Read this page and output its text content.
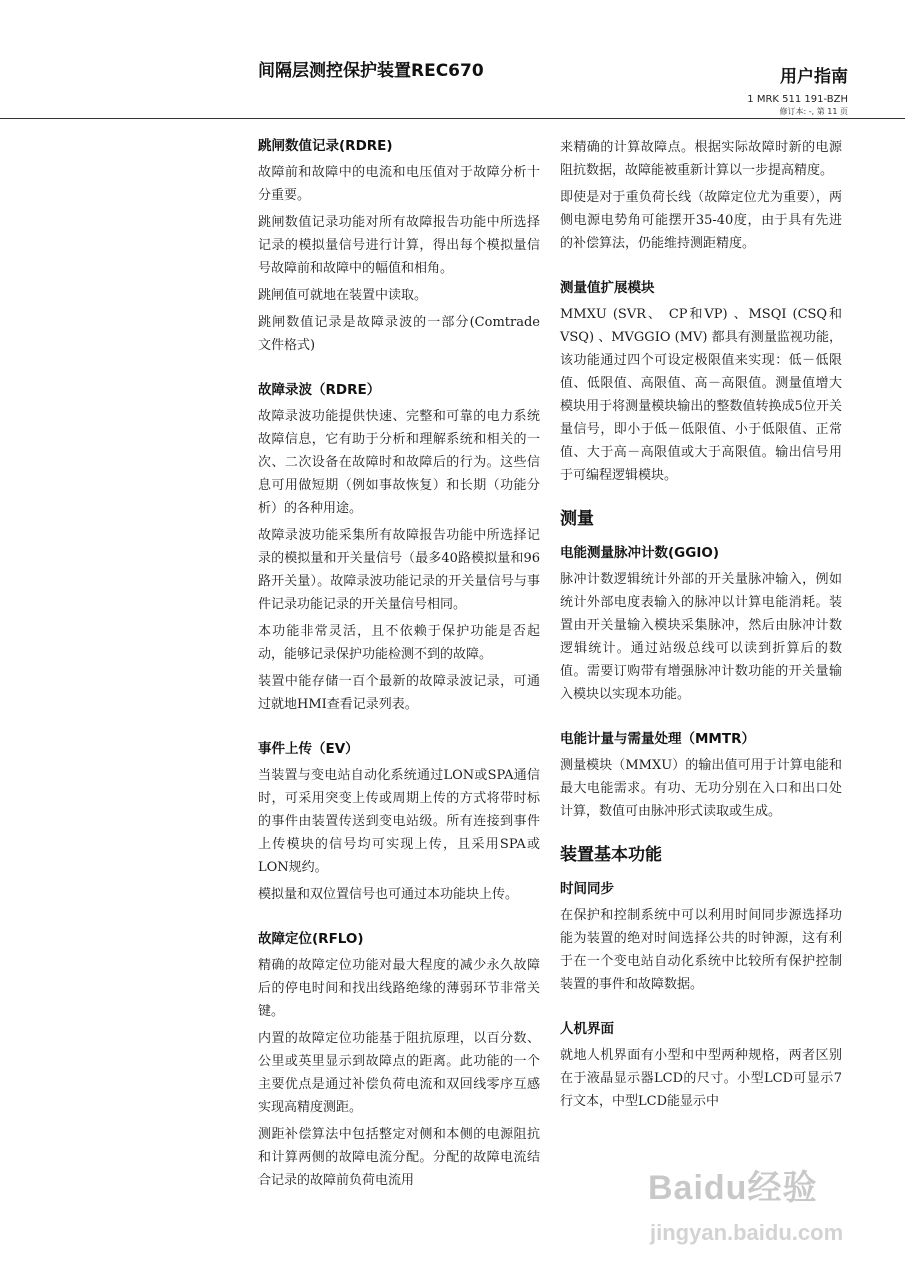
间隔层测控保护装置REC670	用户指南
1 MRK 511 191-BZH
修订本: -, 第 11 页
跳闸数值记录(RDRE)

故障前和故障中的电流和电压值对于故障分析十分重要。

跳闸数值记录功能对所有故障报告功能中所选择记录的模拟量信号进行计算，得出每个模拟量信号故障前和故障中的幅值和相角。

跳闸值可就地在装置中读取。

跳闸数值记录是故障录波的一部分(Comtrade 文件格式)

故障录波（RDRE）

故障录波功能提供快速、完整和可靠的电力系统故障信息，它有助于分析和理解系统和相关的一次、二次设备在故障时和故障后的行为。这些信息可用做短期（例如事故恢复）和长期（功能分析）的各种用途。

故障录波功能采集所有故障报告功能中所选择记录的模拟量和开关量信号（最多40路模拟量和96路开关量）。故障录波功能记录的开关量信号与事件记录功能记录的开关量信号相同。

本功能非常灵活，且不依赖于保护功能是否起动，能够记录保护功能检测不到的故障。

装置中能存储一百个最新的故障录波记录，可通过就地HMI查看记录列表。

事件上传（EV）

当装置与变电站自动化系统通过LON或SPA通信时，可采用突变上传或周期上传的方式将带时标的事件由装置传送到变电站级。所有连接到事件上传模块的信号均可实现上传，且采用SPA或LON规约。

模拟量和双位置信号也可通过本功能块上传。

故障定位(RFLO)

精确的故障定位功能对最大程度的减少永久故障后的停电时间和找出线路绝缘的薄弱环节非常关键。

内置的故障定位功能基于阻抗原理，以百分数、公里或英里显示到故障点的距离。此功能的一个主要优点是通过补偿负荷电流和双回线零序互感实现高精度测距。

测距补偿算法中包括整定对侧和本侧的电源阻抗和计算两侧的故障电流分配。分配的故障电流结合记录的故障前负荷电流用

来精确的计算故障点。根据实际故障时新的电源阻抗数据，故障能被重新计算以一步提高精度。

即使是对于重负荷长线（故障定位尤为重要），两侧电源电势角可能摆开35-40度，由于具有先进的补偿算法，仍能维持测距精度。

测量值扩展模块

MMXU (SVR、 CP和VP) 、MSQI (CSQ和VSQ) 、MVGGIO (MV) 都具有测量监视功能，该功能通过四个可设定极限值来实现：低－低限值、低限值、高限值、高－高限值。测量值增大模块用于将测量模块输出的整数值转换成5位开关量信号，即小于低－低限值、小于低限值、正常值、大于高－高限值或大于高限值。输出信号用于可编程逻辑模块。

测量
电能测量脉冲计数(GGIO)

脉冲计数逻辑统计外部的开关量脉冲输入，例如统计外部电度表输入的脉冲以计算电能消耗。装置由开关量输入模块采集脉冲，然后由脉冲计数逻辑统计。通过站级总线可以读到折算后的数值。需要订购带有增强脉冲计数功能的开关量输入模块以实现本功能。

电能计量与需量处理（MMTR）

测量模块（MMXU）的输出值可用于计算电能和最大电能需求。有功、无功分别在入口和出口处计算，数值可由脉冲形式读取或生成。

装置基本功能
时间同步

在保护和控制系统中可以利用时间同步源选择功能为装置的绝对时间选择公共的时钟源，这有利于在一个变电站自动化系统中比较所有保护控制装置的事件和故障数据。

人机界面

就地人机界面有小型和中型两种规格，两者区别在于液晶显示器LCD的尺寸。小型LCD可显示7行文本，中型LCD能显示中

Baidu经验
jingyan.baidu.com
